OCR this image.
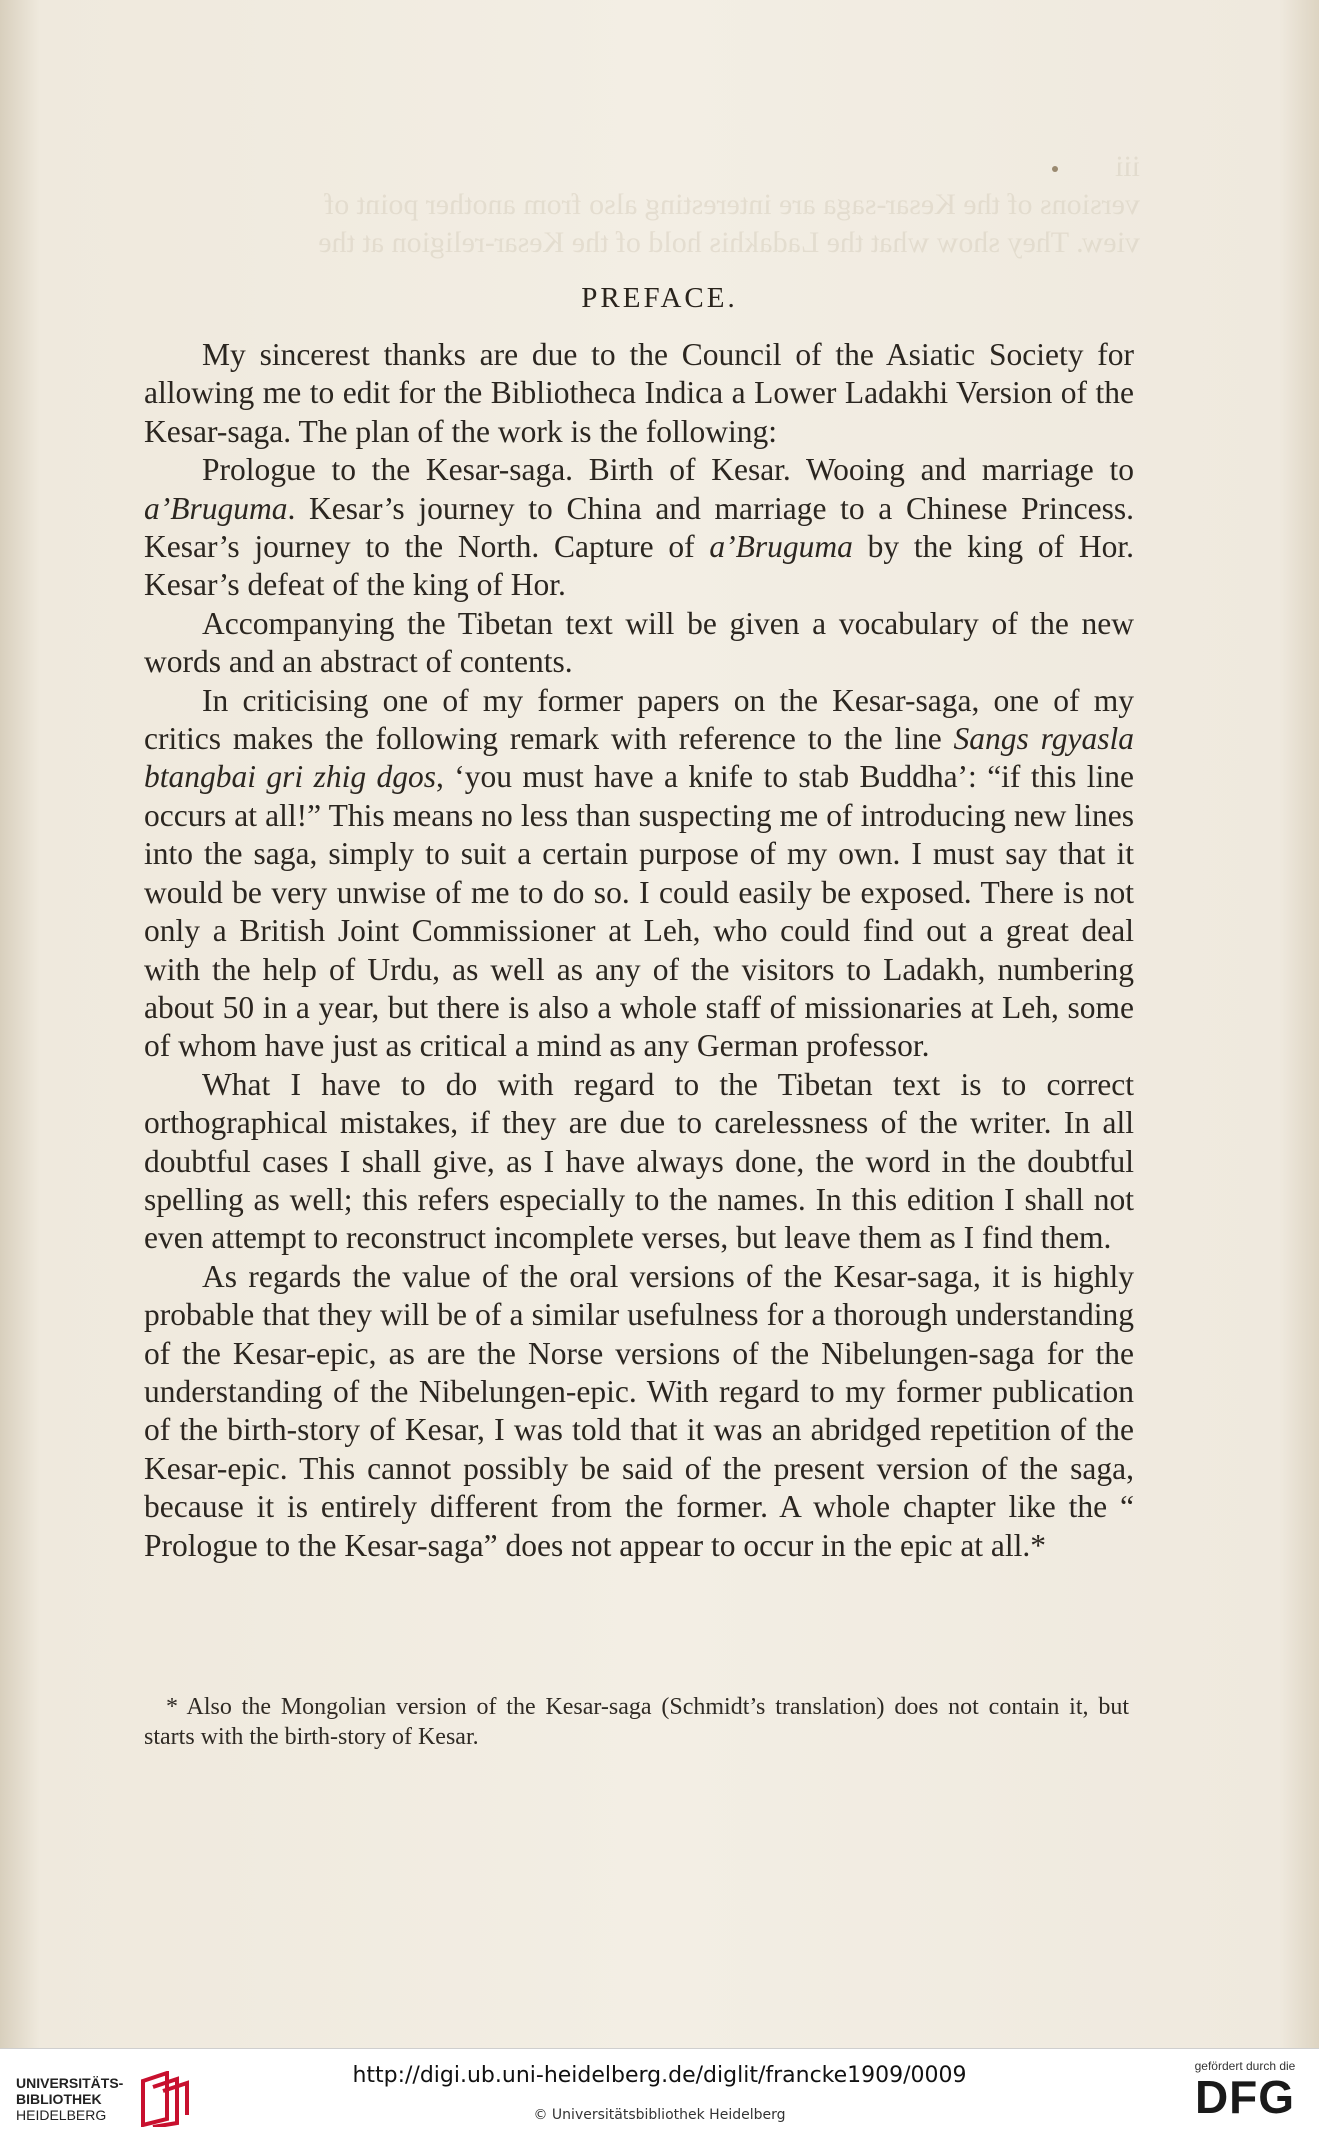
iii
versions of the Kesar-saga are interesting also from another point of
view. They show what the Ladakhis hold of the Kesar-religion at the
PREFACE.

My sincerest thanks are due to the Council of the Asiatic Society for allowing me to edit for the Bibliotheca Indica a Lower Ladakhi Version of the Kesar-saga. The plan of the work is the following:

Prologue to the Kesar-saga. Birth of Kesar. Wooing and marriage to a’Bruguma. Kesar’s journey to China and marriage to a Chinese Princess. Kesar’s journey to the North. Capture of a’Bruguma by the king of Hor. Kesar’s defeat of the king of Hor.

Accompanying the Tibetan text will be given a vocabulary of the new words and an abstract of contents.

In criticising one of my former papers on the Kesar-saga, one of my critics makes the following remark with reference to the line Sangs rgyasla btangbai gri zhig dgos, ‘you must have a knife to stab Buddha’: “if this line occurs at all!” This means no less than suspecting me of introducing new lines into the saga, simply to suit a certain purpose of my own. I must say that it would be very unwise of me to do so. I could easily be exposed. There is not only a British Joint Commissioner at Leh, who could find out a great deal with the help of Urdu, as well as any of the visitors to Ladakh, numbering about 50 in a year, but there is also a whole staff of missionaries at Leh, some of whom have just as critical a mind as any German professor.

What I have to do with regard to the Tibetan text is to correct orthographical mistakes, if they are due to carelessness of the writer. In all doubtful cases I shall give, as I have always done, the word in the doubtful spelling as well; this refers especially to the names. In this edition I shall not even attempt to reconstruct incomplete verses, but leave them as I find them.

As regards the value of the oral versions of the Kesar-saga, it is highly probable that they will be of a similar usefulness for a thorough understanding of the Kesar-epic, as are the Norse versions of the Nibelungen-saga for the understanding of the Nibelungen-epic. With regard to my former publication of the birth-story of Kesar, I was told that it was an abridged repetition of the Kesar-epic. This cannot possibly be said of the present version of the saga, because it is entirely different from the former. A whole chapter like the “ Prologue to the Kesar-saga” does not appear to occur in the epic at all.*

* Also the Mongolian version of the Kesar-saga (Schmidt’s translation) does not contain it, but starts with the birth-story of Kesar.
UNIVERSITÄTS-
BIBLIOTHEK
HEIDELBERG
http://digi.ub.uni-heidelberg.de/diglit/francke1909/0009
© Universitätsbibliothek Heidelberg
gefördert durch die
DFG
